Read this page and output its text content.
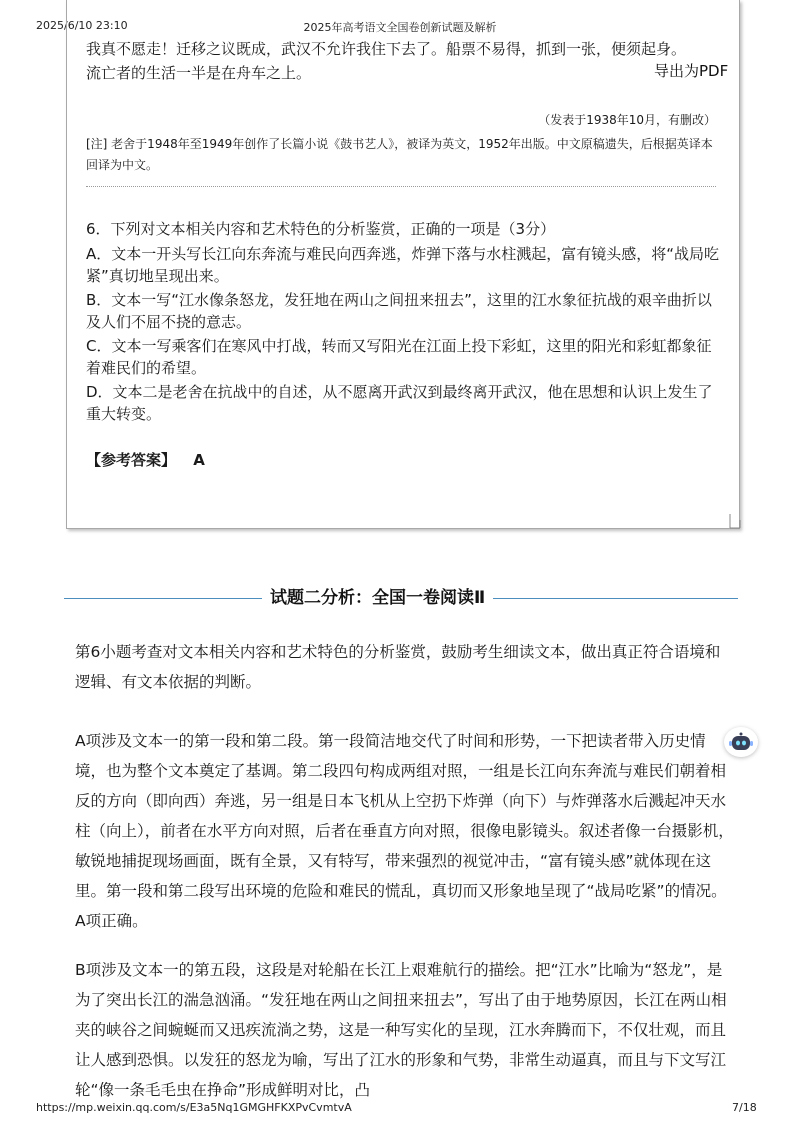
2025/6/10 23:10	2025年高考语文全国卷创新试题及解析

我真不愿走！迁移之议既成，武汉不允许我住下去了。船票不易得，抓到一张，便须起身。

流亡者的生活一半是在舟车之上。	导出为PDF

（发表于1938年10月，有删改）

[注] 老舍于1948年至1949年创作了长篇小说《鼓书艺人》，被译为英文，1952年出版。中文原稿遗失，后根据英译本回译为中文。

6．下列对文本相关内容和艺术特色的分析鉴赏，正确的一项是（3分）

A．文本一开头写长江向东奔流与难民向西奔逃，炸弹下落与水柱溅起，富有镜头感，将“战局吃紧”真切地呈现出来。

B．文本一写“江水像条怒龙，发狂地在两山之间扭来扭去”，这里的江水象征抗战的艰辛曲折以及人们不屈不挠的意志。

C．文本一写乘客们在寒风中打战，转而又写阳光在江面上投下彩虹，这里的阳光和彩虹都象征着难民们的希望。

D．文本二是老舍在抗战中的自述，从不愿离开武汉到最终离开武汉，他在思想和认识上发生了重大转变。

【参考答案】 A
试题二分析：全国一卷阅读Ⅱ

第6小题考查对文本相关内容和艺术特色的分析鉴赏，鼓励考生细读文本，做出真正符合语境和逻辑、有文本依据的判断。

A项涉及文本一的第一段和第二段。第一段简洁地交代了时间和形势，一下把读者带入历史情境，也为整个文本奠定了基调。第二段四句构成两组对照，一组是长江向东奔流与难民们朝着相反的方向（即向西）奔逃，另一组是日本飞机从上空扔下炸弹（向下）与炸弹落水后溅起冲天水柱（向上），前者在水平方向对照，后者在垂直方向对照，很像电影镜头。叙述者像一台摄影机，敏锐地捕捉现场画面，既有全景，又有特写，带来强烈的视觉冲击，“富有镜头感”就体现在这里。第一段和第二段写出环境的危险和难民的慌乱，真切而又形象地呈现了“战局吃紧”的情况。A项正确。

B项涉及文本一的第五段，这段是对轮船在长江上艰难航行的描绘。把“江水”比喻为“怒龙”，是为了突出长江的湍急汹涌。“发狂地在两山之间扭来扭去”，写出了由于地势原因，长江在两山相夹的峡谷之间蜿蜒而又迅疾流淌之势，这是一种写实化的呈现，江水奔腾而下，不仅壮观，而且让人感到恐惧。以发狂的怒龙为喻，写出了江水的形象和气势，非常生动逼真，而且与下文写江轮“像一条毛毛虫在挣命”形成鲜明对比，凸

https://mp.weixin.qq.com/s/E3a5Nq1GMGHFKXPvCvmtvA	7/18
